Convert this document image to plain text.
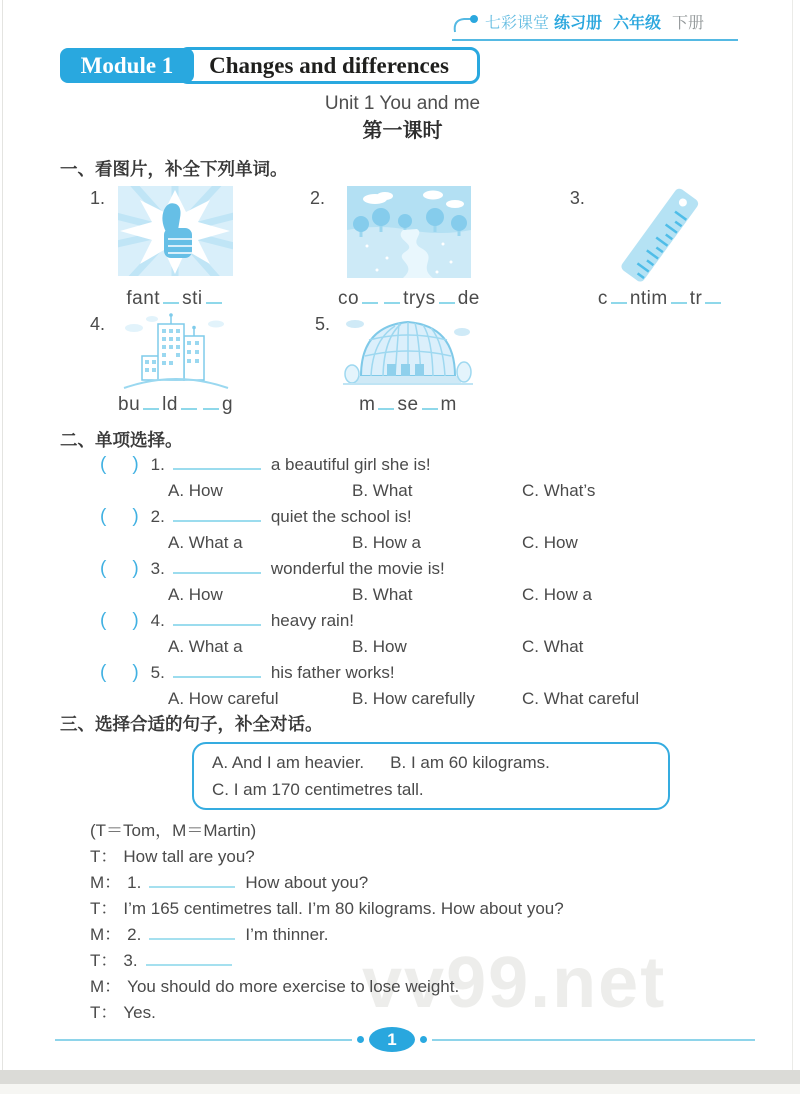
vv99.net
七彩课堂 练习册 六年级 下册
Changes and differences
Module 1
Unit 1 You and me
第一课时
一、看图片，补全下列单词。
1.
fant sti
2.
co trys de
3.
c ntim tr
4.
bu ld g
5.
m se m
二、单项选择。
( ) 1.	a beautiful girl she is!
A. How	B. What	C. What’s
( ) 2.	quiet the school is!
A. What a	B. How a	C. How
( ) 3.	wonderful the movie is!
A. How	B. What	C. How a
( ) 4.	heavy rain!
A. What a	B. How	C. What
( ) 5.	his father works!
A. How careful	B. How carefully	C. What careful
三、选择合适的句子，补全对话。
A. And I am heavier. B. I am 60 kilograms.
C. I am 170 centimetres tall.
(T＝Tom，M＝Martin)
T： How tall are you?
M： 1.	How about you?
T： I’m 165 centimetres tall. I’m 80 kilograms. How about you?
M： 2.	I’m thinner.
T： 3.
M： You should do more exercise to lose weight.
T： Yes.
1
